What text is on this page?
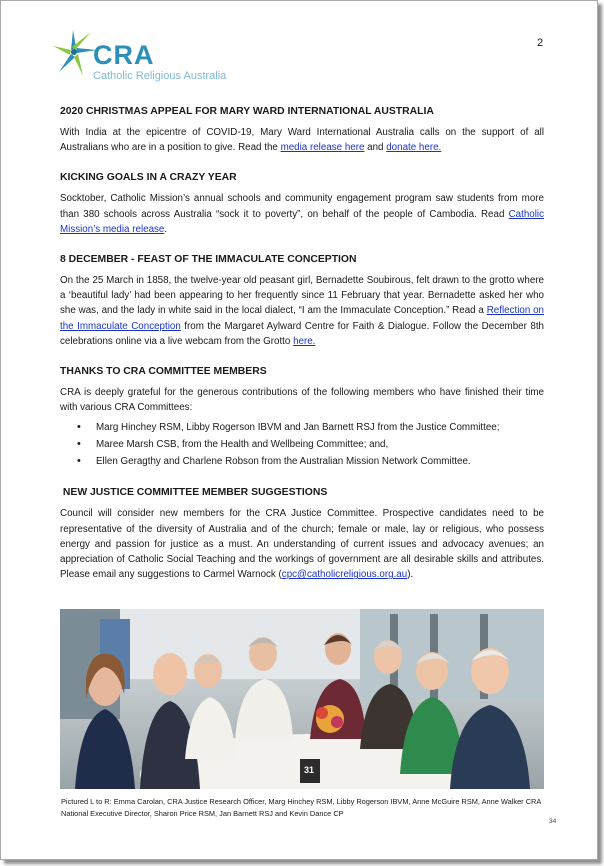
CRA
Catholic Religious Australia
2
2020 CHRISTMAS APPEAL FOR MARY WARD INTERNATIONAL AUSTRALIA

With India at the epicentre of COVID-19, Mary Ward International Australia calls on the support of all Australians who are in a position to give. Read the media release here and donate here.

KICKING GOALS IN A CRAZY YEAR

Socktober, Catholic Mission’s annual schools and community engagement program saw students from more than 380 schools across Australia “sock it to poverty”, on behalf of the people of Cambodia. Read Catholic Mission’s media release.

8 DECEMBER - FEAST OF THE IMMACULATE CONCEPTION

On the 25 March in 1858, the twelve-year old peasant girl, Bernadette Soubirous, felt drawn to the grotto where a ‘beautiful lady’ had been appearing to her frequently since 11 February that year. Bernadette asked her who she was, and the lady in white said in the local dialect, “I am the Immaculate Conception.” Read a Reflection on the Immaculate Conception from the Margaret Aylward Centre for Faith & Dialogue. Follow the December 8th celebrations online via a live webcam from the Grotto here.

THANKS TO CRA COMMITTEE MEMBERS

CRA is deeply grateful for the generous contributions of the following members who have finished their time with various CRA Committees:

• Marg Hinchey RSM, Libby Rogerson IBVM and Jan Barnett RSJ from the Justice Committee;
• Maree Marsh CSB, from the Health and Wellbeing Committee; and,
• Ellen Geragthy and Charlene Robson from the Australian Mission Network Committee.
NEW JUSTICE COMMITTEE MEMBER SUGGESTIONS

Council will consider new members for the CRA Justice Committee. Prospective candidates need to be representative of the diversity of Australia and of the church; female or male, lay or religious, who possess energy and passion for justice as a must. An understanding of current issues and advocacy avenues; an appreciation of Catholic Social Teaching and the workings of government are all desirable skills and attributes. Please email any suggestions to Carmel Warnock (cpc@catholicreligious.org.au).

31
Pictured L to R: Emma Carolan, CRA Justice Research Officer, Marg Hinchey RSM, Libby Rogerson IBVM, Anne McGuire RSM, Anne Walker CRA National Executive Director, Sharon Price RSM, Jan Barnett RSJ and Kevin Dance CP
34
